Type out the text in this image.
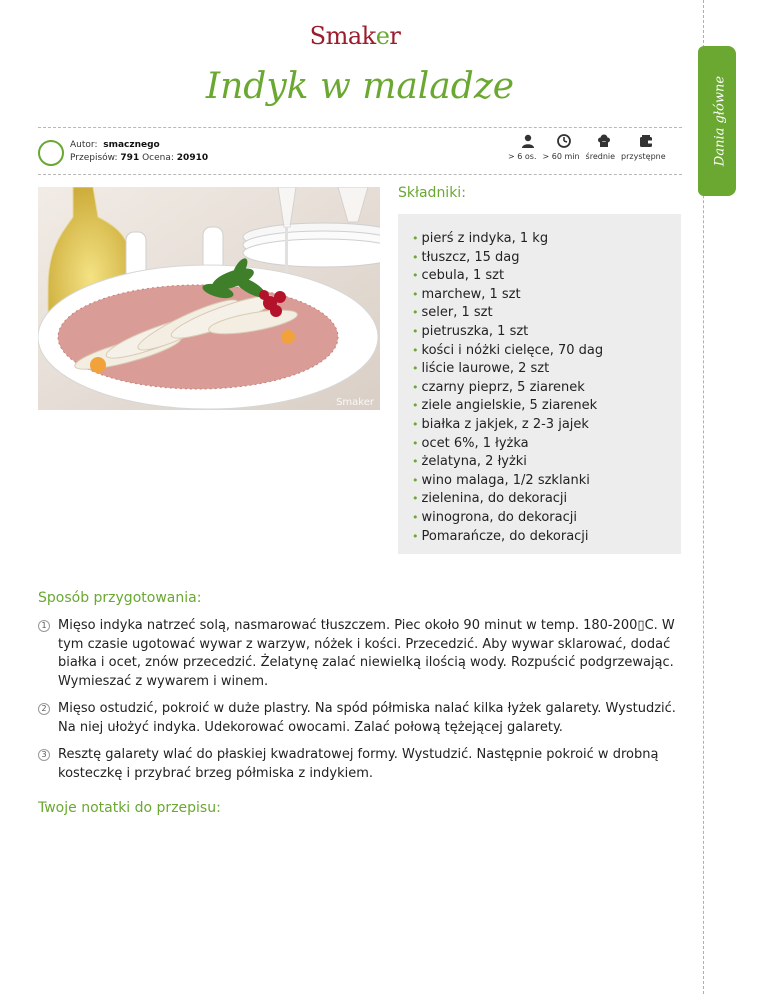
Smaker
Indyk w maladze	Dania główne
Autor: smacznego
Przepisów: 791 Ocena: 20910	> 6 os. > 60 min średnie przystępne
Smaker
Składniki:
• pierś z indyka, 1 kg
• tłuszcz, 15 dag
• cebula, 1 szt
• marchew, 1 szt
• seler, 1 szt
• pietruszka, 1 szt
• kości i nóżki cielęce, 70 dag
• liście laurowe, 2 szt
• czarny pieprz, 5 ziarenek
• ziele angielskie, 5 ziarenek
• białka z jakjek, z 2-3 jajek
• ocet 6%, 1 łyżka
• żelatyna, 2 łyżki
• wino malaga, 1/2 szklanki
• zielenina, do dekoracji
• winogrona, do dekoracji
• Pomarańcze, do dekoracji
Sposób przygotowania:
1 Mięso indyka natrzeć solą, nasmarować tłuszczem. Piec około 90 minut w temp. 180-200▯C. W tym czasie ugotować wywar z warzyw, nóżek i kości. Przecedzić. Aby wywar sklarować, dodać białka i ocet, znów przecedzić. Żelatynę zalać niewielką ilością wody. Rozpuścić podgrzewając. Wymieszać z wywarem i winem.
2 Mięso ostudzić, pokroić w duże plastry. Na spód półmiska nalać kilka łyżek galarety. Wystudzić. Na niej ułożyć indyka. Udekorować owocami. Zalać połową tężejącej galarety.
3 Resztę galarety wlać do płaskiej kwadratowej formy. Wystudzić. Następnie pokroić w drobną kosteczkę i przybrać brzeg półmiska z indykiem.
Twoje notatki do przepisu:
